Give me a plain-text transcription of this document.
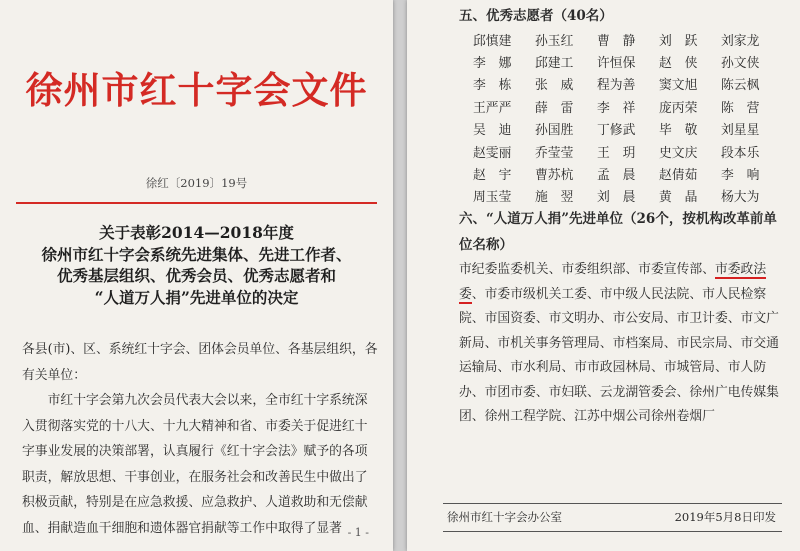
徐州市红十字会文件
徐红〔2019〕19号
关于表彰2014—2018年度
徐州市红十字会系统先进集体、先进工作者、
优秀基层组织、优秀会员、优秀志愿者和
“人道万人捐”先进单位的决定

各县(市)、区、系统红十字会、团体会员单位、各基层组织，各有关单位：

市红十字会第九次会员代表大会以来，全市红十字系统深入贯彻落实党的十八大、十九大精神和省、市委关于促进红十字事业发展的决策部署，认真履行《红十字会法》赋予的各项职责，解放思想、干事创业，在服务社会和改善民生中做出了积极贡献，特别是在应急救援、应急救护、人道救助和无偿献血、捐献造血干细胞和遗体器官捐献等工作中取得了显著 - 1 -
五、优秀志愿者（40名）
邱慎建	孙玉红	曹　静	刘　跃	刘家龙
李　娜	邱建工	许恒保	赵　侠	孙文侠
李　栋	张　威	程为善	窦文旭	陈云枫
王严严	薛　雷	李　祥	庞丙荣	陈　营
吴　迪	孙国胜	丁修武	毕　敬	刘星星
赵雯丽	乔莹莹	王　玥	史文庆	段本乐
赵　宇	曹苏杭	孟　晨	赵倩茹	李　响
周玉莹	施　翌	刘　晨	黄　晶	杨大为
六、“人道万人捐”先进单位（26个，按机构改革前单位名称）
市纪委监委机关、市委组织部、市委宣传部、市委政法委、市委市级机关工委、市中级人民法院、市人民检察院、市国资委、市文明办、市公安局、市卫计委、市文广新局、市机关事务管理局、市档案局、市民宗局、市交通运输局、市水利局、市市政园林局、市城管局、市人防办、市团市委、市妇联、云龙湖管委会、徐州广电传媒集团、徐州工程学院、江苏中烟公司徐州卷烟厂
徐州市红十字会办公室	2019年5月8日印发
